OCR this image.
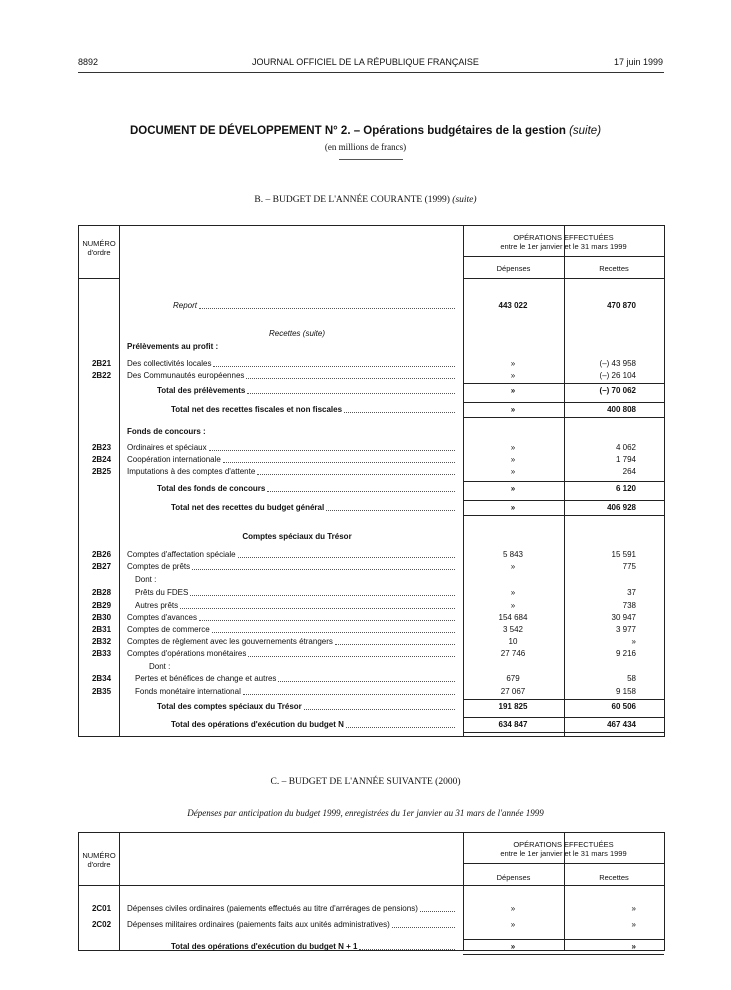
8892	JOURNAL OFFICIEL DE LA RÉPUBLIQUE FRANÇAISE	17 juin 1999
DOCUMENT DE DÉVELOPPEMENT N° 2. – Opérations budgétaires de la gestion (suite)
(en millions de francs)
B. – BUDGET DE L'ANNÉE COURANTE (1999) (suite)
NUMÉRO
d'ordre
OPÉRATIONS EFFECTUÉES
entre le 1er janvier et le 31 mars 1999
Dépenses	Recettes
Report	443 022	470 870
Recettes (suite)
Prélèvements au profit :
2B21	Des collectivités locales	»	(–) 43 958
2B22	Des Communautés européennes	»	(–) 26 104
Total des prélèvements	»	(–) 70 062
Total net des recettes fiscales et non fiscales	»	400 808
Fonds de concours :
2B23	Ordinaires et spéciaux	»	4 062
2B24	Coopération internationale	»	1 794
2B25	Imputations à des comptes d'attente	»	264
Total des fonds de concours	»	6 120
Total net des recettes du budget général	»	406 928
Comptes spéciaux du Trésor
2B26	Comptes d'affectation spéciale	5 843	15 591
2B27	Comptes de prêts	»	775
Dont :
2B28	Prêts du FDES	»	37
2B29	Autres prêts	»	738
2B30	Comptes d'avances	154 684	30 947
2B31	Comptes de commerce	3 542	3 977
2B32	Comptes de règlement avec les gouvernements étrangers	10	»
2B33	Comptes d'opérations monétaires	27 746	9 216
Dont :
2B34	Pertes et bénéfices de change et autres	679	58
2B35	Fonds monétaire international	27 067	9 158
Total des comptes spéciaux du Trésor	191 825	60 506
Total des opérations d'exécution du budget N	634 847	467 434
C. – BUDGET DE L'ANNÉE SUIVANTE (2000)
Dépenses par anticipation du budget 1999, enregistrées du 1er janvier au 31 mars de l'année 1999
NUMÉRO
d'ordre
OPÉRATIONS EFFECTUÉES
entre le 1er janvier et le 31 mars 1999
Dépenses	Recettes
2C01	Dépenses civiles ordinaires (paiements effectués au titre d'arrérages de pensions)	»	»
2C02	Dépenses militaires ordinaires (paiements faits aux unités administratives)	»	»
Total des opérations d'exécution du budget N + 1	»	»
